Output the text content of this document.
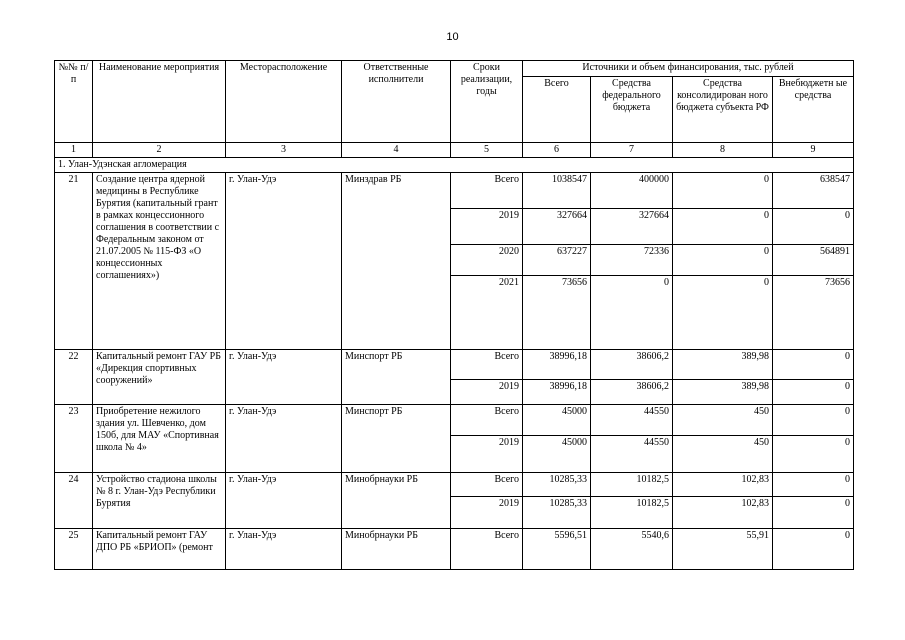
10
№№ п/п	Наименование мероприятия	Месторасположение	Ответственные исполнители	Сроки реализации, годы	Источники и объем финансирования, тыс. рублей			
					Всего	Средства федерального бюджета	Средства консолидирован ного бюджета субъекта РФ	Внебюджетн ые средства
1	2	3	4	5	6	7	8	9
1. Улан-Удэнская агломерация								
21	Создание центра ядерной медицины в Республике Бурятия (капитальный грант в рамках концессионного соглашения в соответствии с Федеральным законом от 21.07.2005 № 115-ФЗ «О концессионных соглашениях»)	г. Улан-Удэ	Минздрав РБ	Всего	1038547	400000	0	638547
				2019	327664	327664	0	0
				2020	637227	72336	0	564891
				2021	73656	0	0	73656
22	Капитальный ремонт ГАУ РБ «Дирекция спортивных сооружений»	г. Улан-Удэ	Минспорт РБ	Всего	38996,18	38606,2	389,98	0
				2019	38996,18	38606,2	389,98	0
23	Приобретение нежилого здания ул. Шевченко, дом 150б, для МАУ «Спортивная школа № 4»	г. Улан-Удэ	Минспорт РБ	Всего	45000	44550	450	0
				2019	45000	44550	450	0
24	Устройство стадиона школы № 8 г. Улан-Удэ Республики Бурятия	г. Улан-Удэ	Минобрнауки РБ	Всего	10285,33	10182,5	102,83	0
				2019	10285,33	10182,5	102,83	0
25	Капитальный ремонт ГАУ ДПО РБ «БРИОП» (ремонт	г. Улан-Удэ	Минобрнауки РБ	Всего	5596,51	5540,6	55,91	0
